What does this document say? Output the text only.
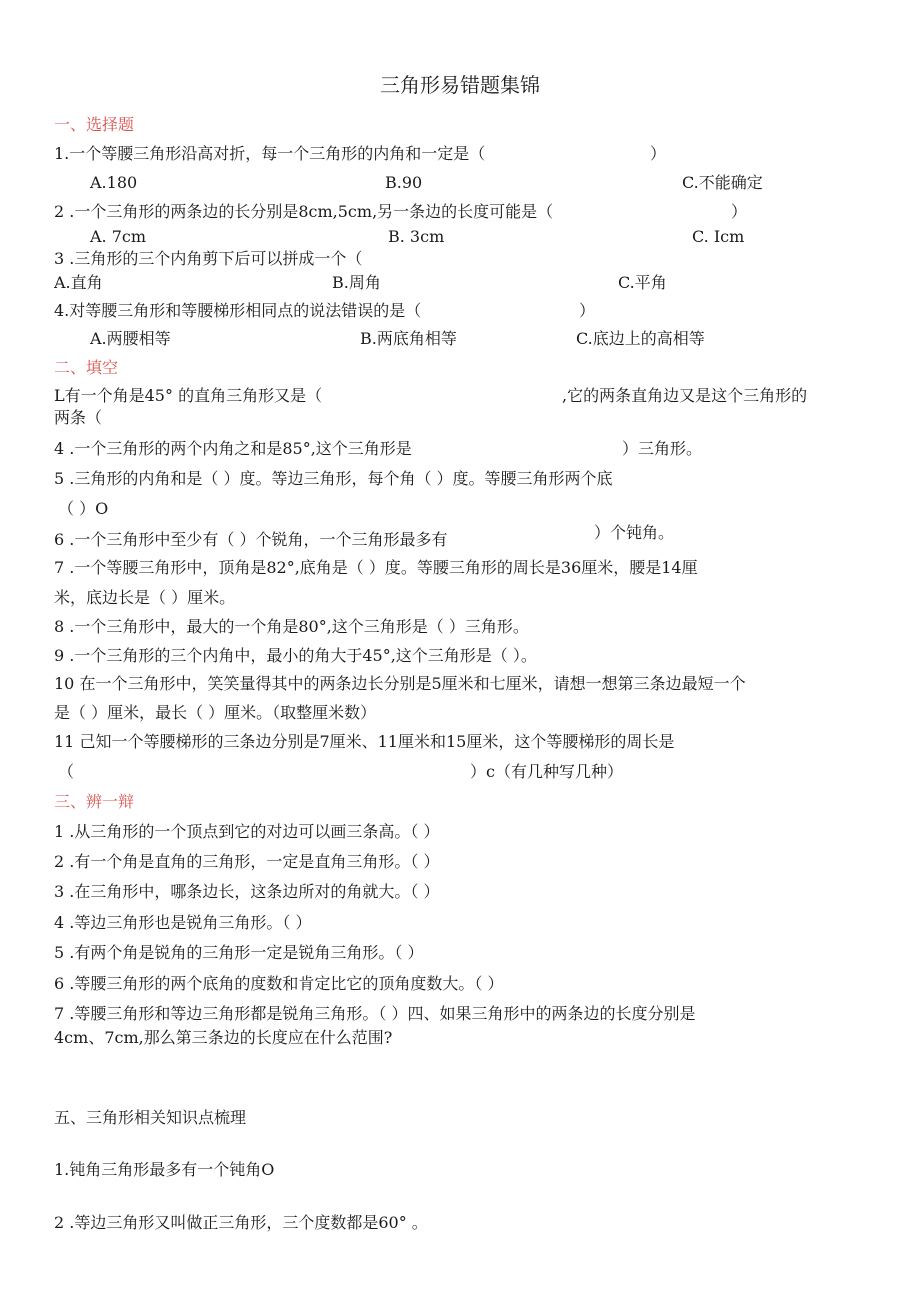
三角形易错题集锦
一、选择题
1.一个等腰三角形沿高对折，每一个三角形的内角和一定是（	）
A.180	B.90	C.不能确定
2 .一个三角形的两条边的长分别是8cm,5cm,另一条边的长度可能是（	）
A. 7cm	B. 3cm	C. Icm
3 .三角形的三个内角剪下后可以拼成一个（
A.直角	B.周角	C.平角
4.对等腰三角形和等腰梯形相同点的说法错误的是（	）
A.两腰相等	B.两底角相等	C.底边上的高相等
二、填空
L有一个角是45° 的直角三角形又是（	,它的两条直角边又是这个三角形的
两条（
4 .一个三角形的两个内角之和是85°,这个三角形是	）三角形。
5 .三角形的内角和是（ ）度。等边三角形，每个角（ ）度。等腰三角形两个底
（ ）O
6 .一个三角形中至少有（ ）个锐角，一个三角形最多有	）个钝角。
7 .一个等腰三角形中，顶角是82°,底角是（ ）度。等腰三角形的周长是36厘米，腰是14厘
米，底边长是（ ）厘米。
8 .一个三角形中，最大的一个角是80°,这个三角形是（ ）三角形。
9 .一个三角形的三个内角中，最小的角大于45°,这个三角形是（ ）。
10 在一个三角形中，笑笑量得其中的两条边长分别是5厘米和七厘米，请想一想第三条边最短一个
是（ ）厘米，最长（ ）厘米。（取整厘米数）
11 己知一个等腰梯形的三条边分别是7厘米、11厘米和15厘米，这个等腰梯形的周长是
（	）c（有几种写几种）
三、辨一辩
1 .从三角形的一个顶点到它的对边可以画三条高。（ ）
2 .有一个角是直角的三角形，一定是直角三角形。（ ）
3 .在三角形中，哪条边长，这条边所对的角就大。（ ）
4 .等边三角形也是锐角三角形。（ ）
5 .有两个角是锐角的三角形一定是锐角三角形。（ ）
6 .等腰三角形的两个底角的度数和肯定比它的顶角度数大。（ ）
7 .等腰三角形和等边三角形都是锐角三角形。（ ）四、如果三角形中的两条边的长度分别是
4cm、7cm,那么第三条边的长度应在什么范围?
五、三角形相关知识点梳理
1.钝角三角形最多有一个钝角O
2 .等边三角形又叫做正三角形，三个度数都是60° 。
